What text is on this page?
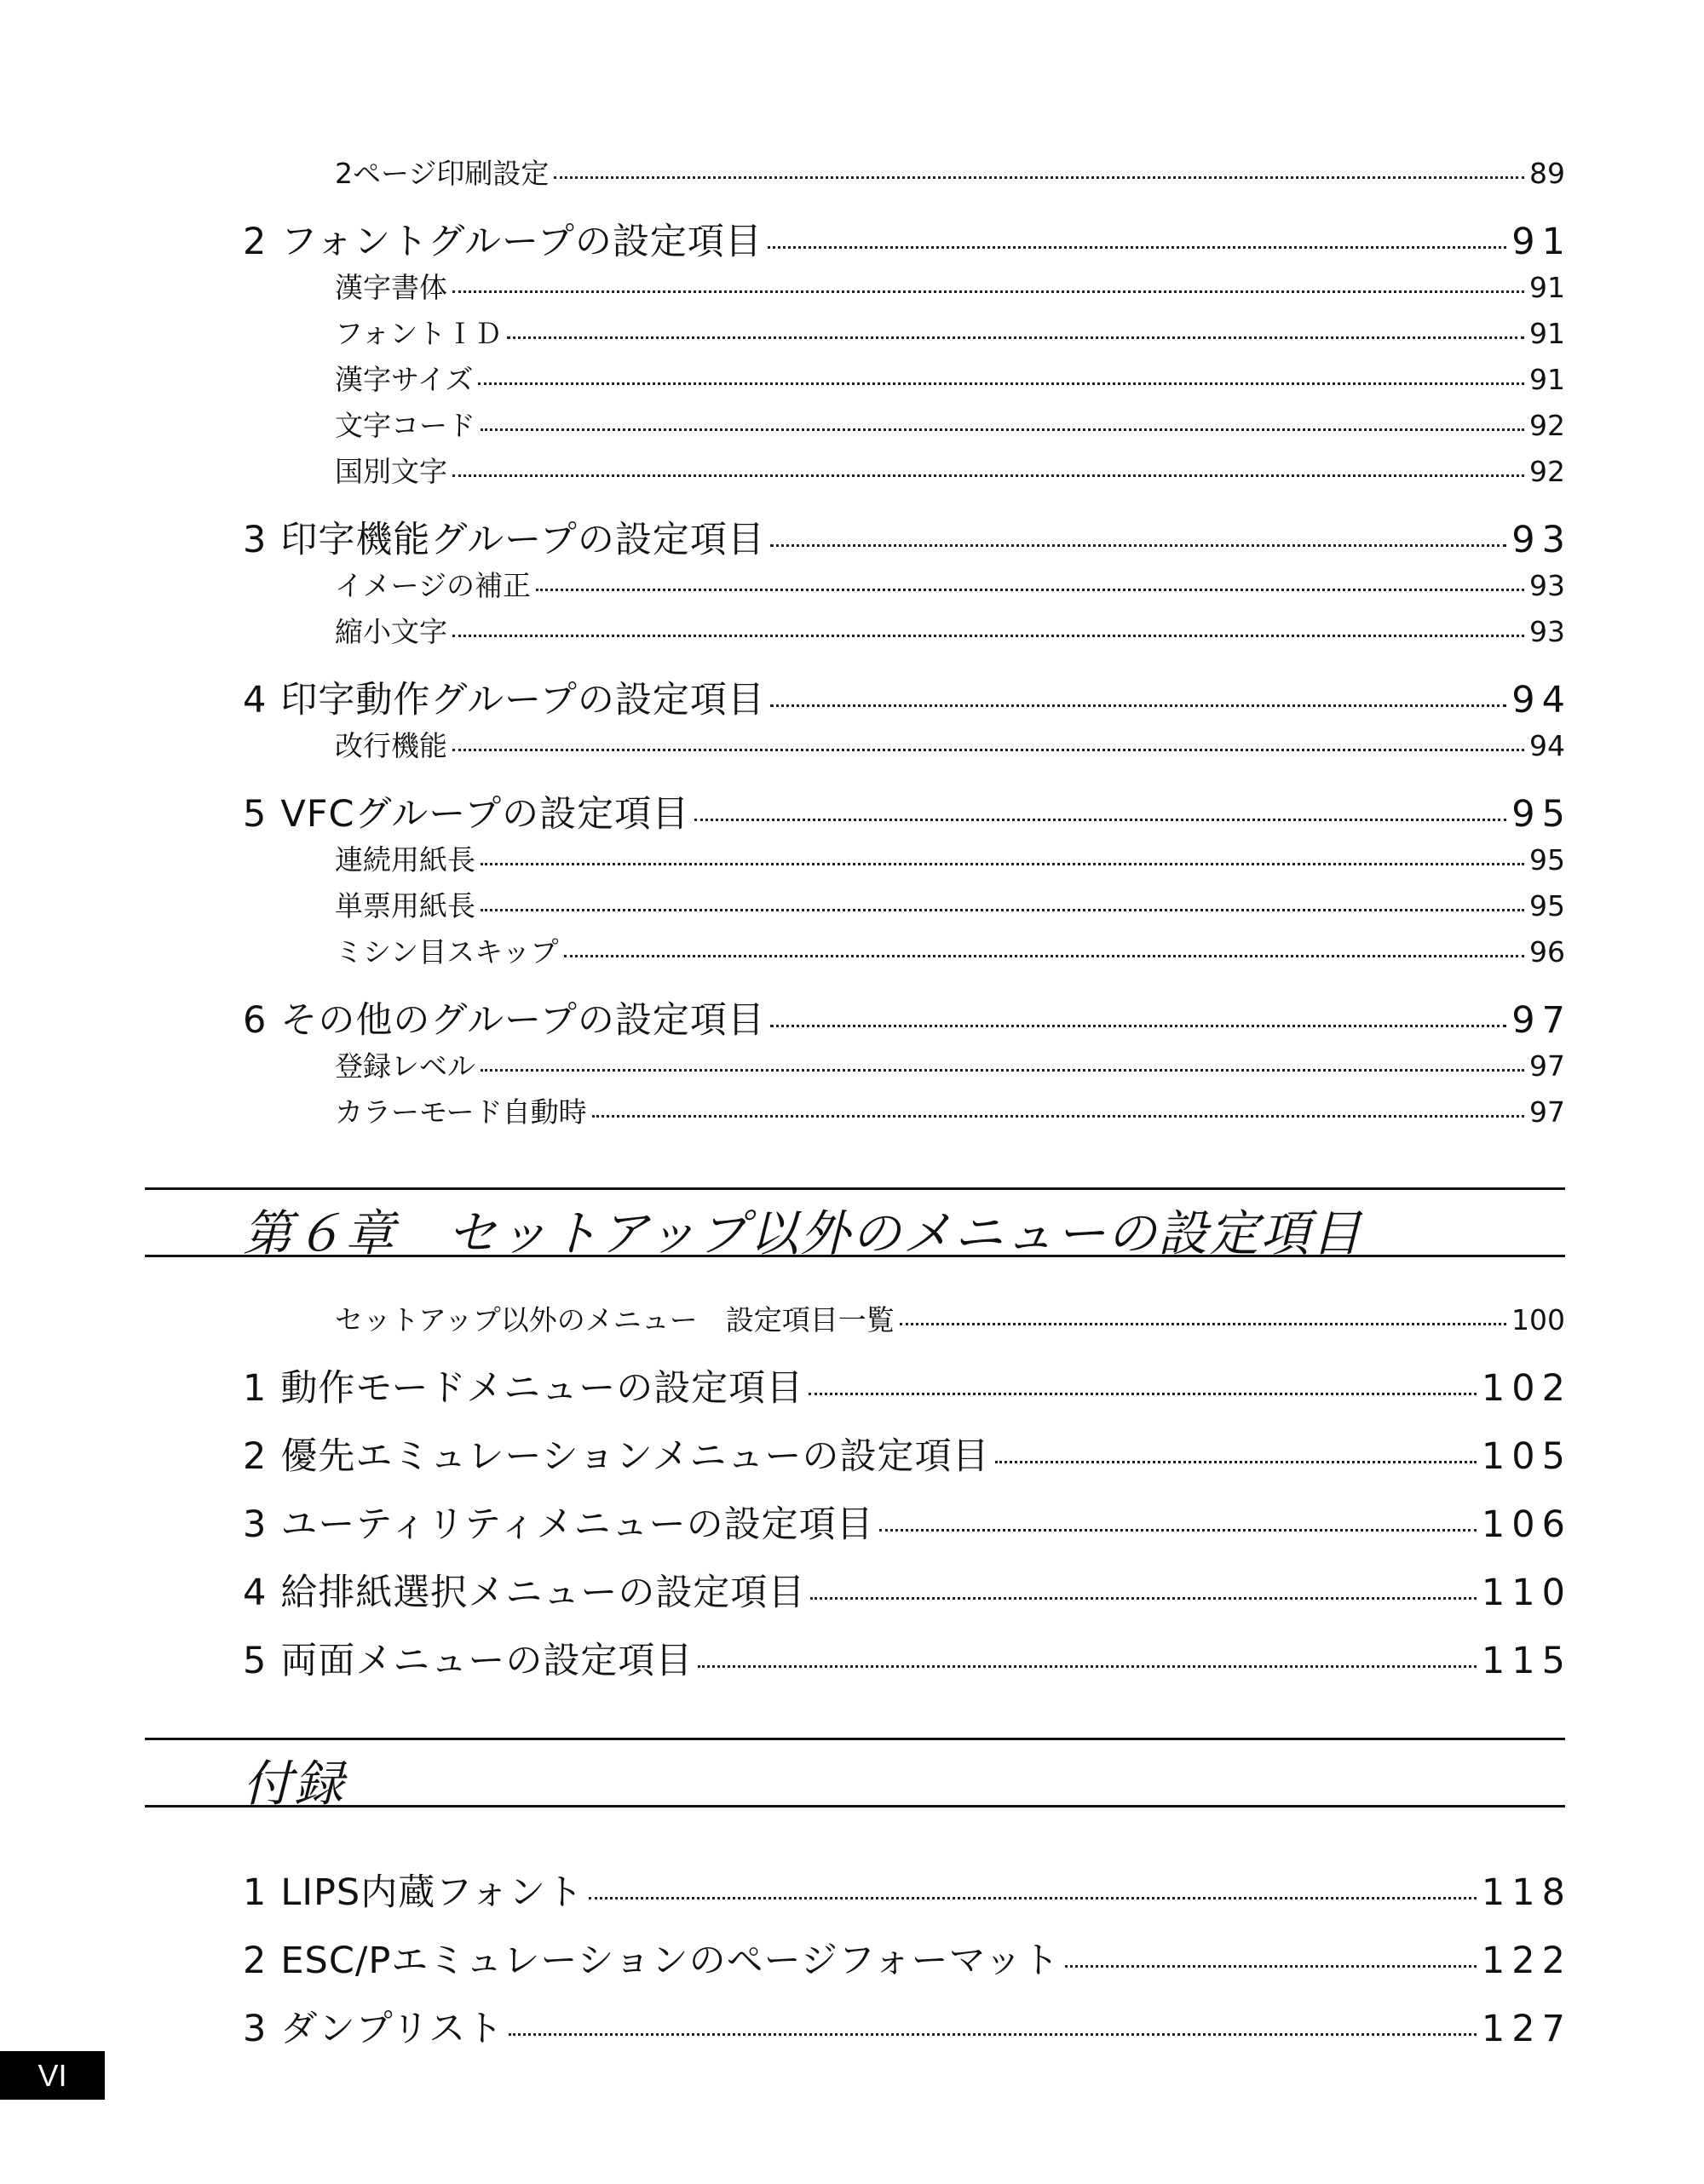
2ページ印刷設定	89
2 フォントグループの設定項目	91
漢字書体	91
フォントＩＤ	91
漢字サイズ	91
文字コード	92
国別文字	92
3 印字機能グループの設定項目	93
イメージの補正	93
縮小文字	93
4 印字動作グループの設定項目	94
改行機能	94
5 VFCグループの設定項目	95
連続用紙長	95
単票用紙長	95
ミシン目スキップ	96
6 その他のグループの設定項目	97
登録レベル	97
カラーモード自動時	97
第６章　セットアップ以外のメニューの設定項目
セットアップ以外のメニュー　設定項目一覧	100
1 動作モードメニューの設定項目	102
2 優先エミュレーションメニューの設定項目	105
3 ユーティリティメニューの設定項目	106
4 給排紙選択メニューの設定項目	110
5 両面メニューの設定項目	115
付録
1 LIPS内蔵フォント	118
2 ESC/Pエミュレーションのページフォーマット	122
3 ダンプリスト	127
VI
